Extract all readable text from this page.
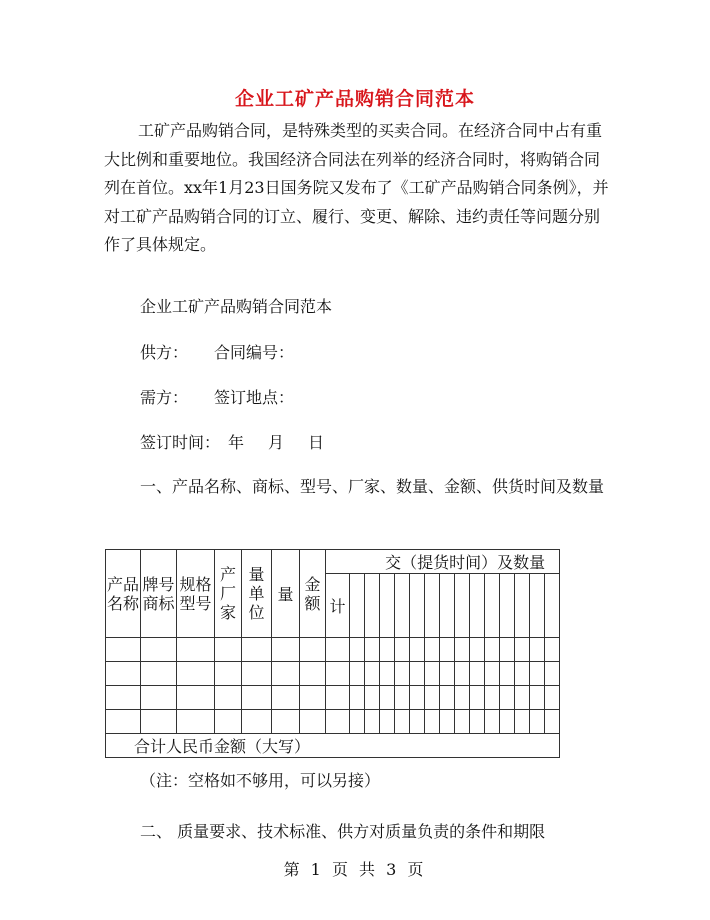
企业工矿产品购销合同范本

工矿产品购销合同，是特殊类型的买卖合同。在经济合同中占有重大比例和重要地位。我国经济合同法在列举的经济合同时，将购销合同列在首位。xx年1月23日国务院又发布了《工矿产品购销合同条例》，并对工矿产品购销合同的订立、履行、变更、解除、违约责任等问题分别作了具体规定。

企业工矿产品购销合同范本

供方： 合同编号：

需方： 签订地点：

签订时间： 年 月 日

一、产品名称、商标、型号、厂家、数量、金额、供货时间及数量

产品名称	牌号商标	规格型号	产厂家	量单位	量	金额	交（提货时间）及数量														
							计														

合计人民币金额（大写）																					

（注：空格如不够用，可以另接）

二、 质量要求、技术标准、供方对质量负责的条件和期限

第 1 页 共 3 页
